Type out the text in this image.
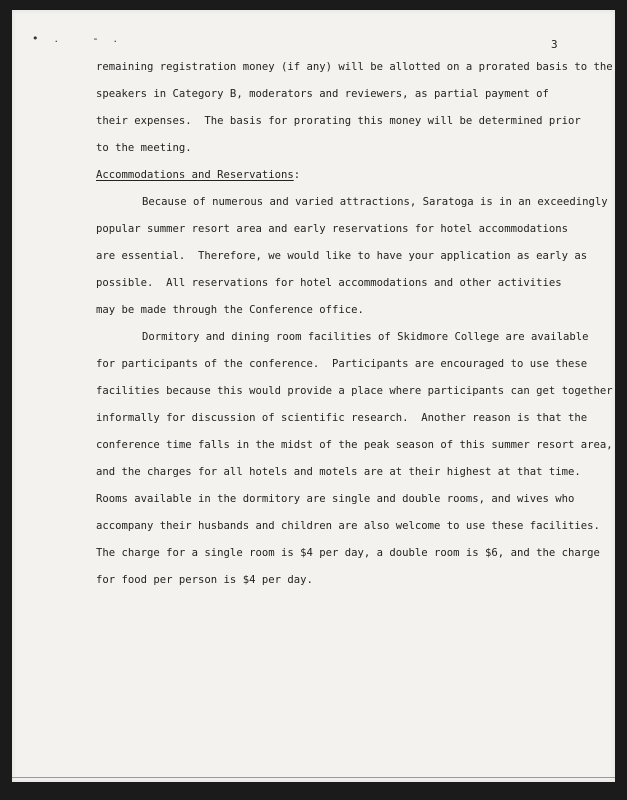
•. -.	3
remaining registration money (if any) will be allotted on a prorated basis to the
speakers in Category B, moderators and reviewers, as partial payment of
their expenses.  The basis for prorating this money will be determined prior
to the meeting.
Accommodations and Reservations:
Because of numerous and varied attractions, Saratoga is in an exceedingly
popular summer resort area and early reservations for hotel accommodations
are essential.  Therefore, we would like to have your application as early as
possible.  All reservations for hotel accommodations and other activities
may be made through the Conference office.
Dormitory and dining room facilities of Skidmore College are available
for participants of the conference.  Participants are encouraged to use these
facilities because this would provide a place where participants can get together
informally for discussion of scientific research.  Another reason is that the
conference time falls in the midst of the peak season of this summer resort area,
and the charges for all hotels and motels are at their highest at that time.
Rooms available in the dormitory are single and double rooms, and wives who
accompany their husbands and children are also welcome to use these facilities.
The charge for a single room is $4 per day, a double room is $6, and the charge
for food per person is $4 per day.
